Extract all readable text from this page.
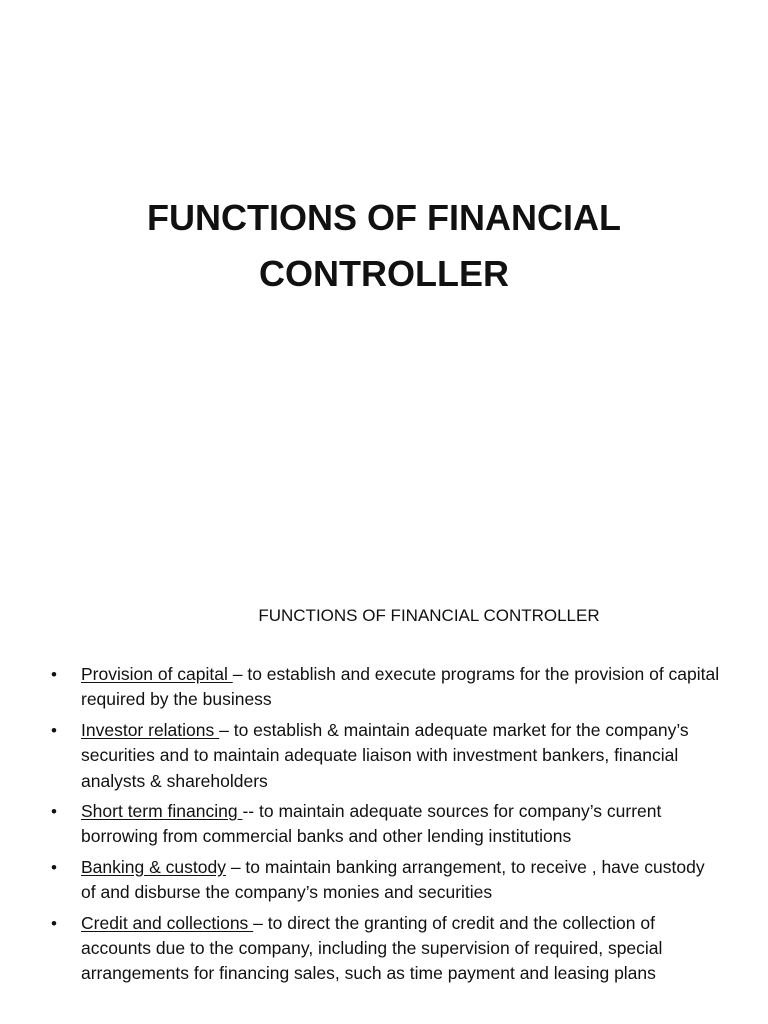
FUNCTIONS OF FINANCIAL
CONTROLLER

FUNCTIONS OF FINANCIAL CONTROLLER

• Provision of capital – to establish and execute programs for the provision of capital required by the business
• Investor relations – to establish & maintain adequate market for the company’s securities and to maintain adequate liaison with investment bankers, financial analysts & shareholders
• Short term financing -- to maintain adequate sources for company’s current borrowing from commercial banks and other lending institutions
• Banking & custody – to maintain banking arrangement, to receive , have custody of and disburse the company’s monies and securities
• Credit and collections – to direct the granting of credit and the collection of accounts due to the company, including the supervision of required, special arrangements for financing sales, such as time payment and leasing plans
